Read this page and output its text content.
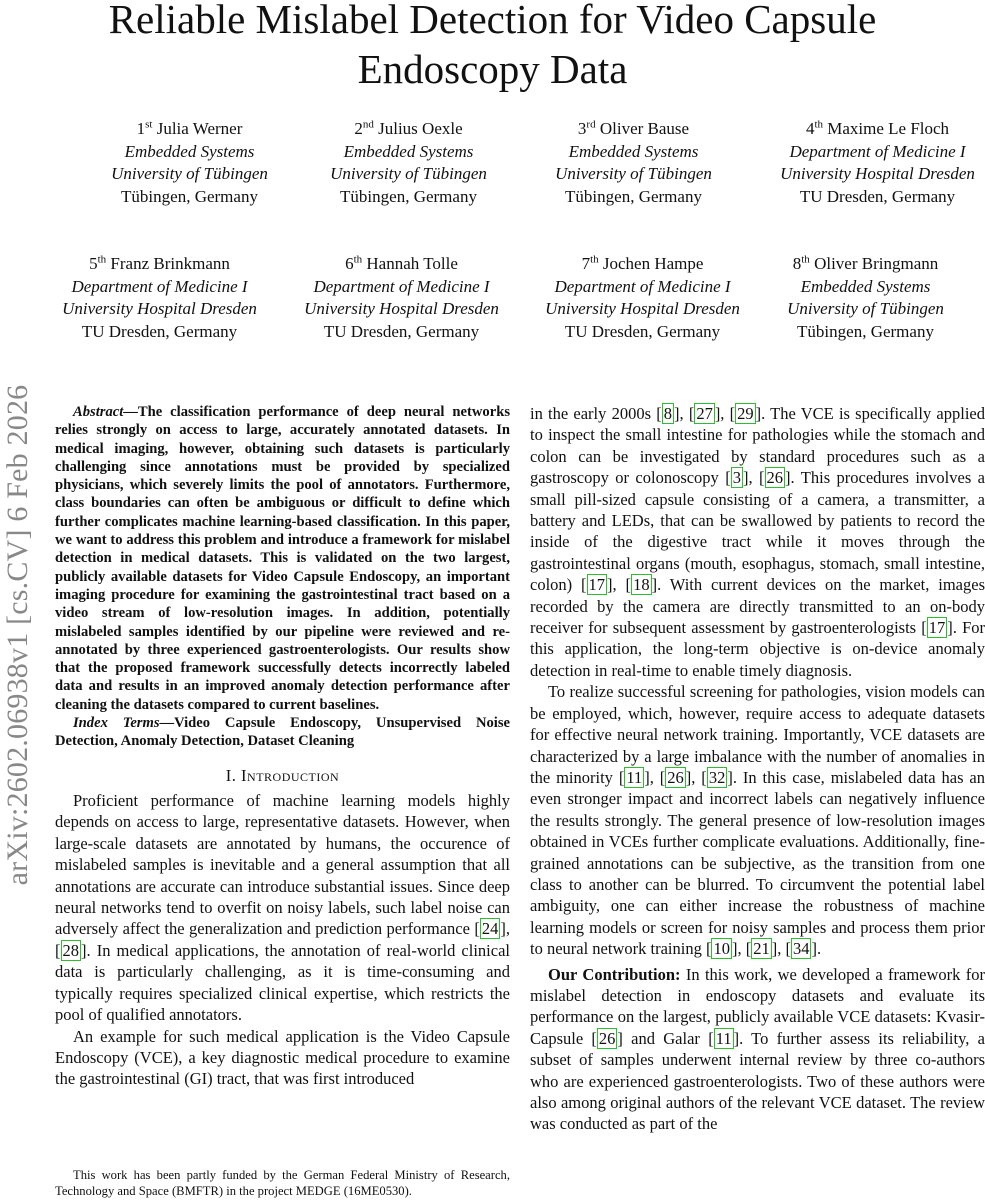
Reliable Mislabel Detection for Video Capsule
Endoscopy Data
arXiv:2602.06938v1 [cs.CV] 6 Feb 2026
1st Julia Werner
Embedded Systems
University of Tübingen
Tübingen, Germany
2nd Julius Oexle
Embedded Systems
University of Tübingen
Tübingen, Germany
3rd Oliver Bause
Embedded Systems
University of Tübingen
Tübingen, Germany
4th Maxime Le Floch
Department of Medicine I
University Hospital Dresden
TU Dresden, Germany
5th Franz Brinkmann
Department of Medicine I
University Hospital Dresden
TU Dresden, Germany
6th Hannah Tolle
Department of Medicine I
University Hospital Dresden
TU Dresden, Germany
7th Jochen Hampe
Department of Medicine I
University Hospital Dresden
TU Dresden, Germany
8th Oliver Bringmann
Embedded Systems
University of Tübingen
Tübingen, Germany

Abstract—The classification performance of deep neural networks relies strongly on access to large, accurately annotated datasets. In medical imaging, however, obtaining such datasets is particularly challenging since annotations must be provided by specialized physicians, which severely limits the pool of annotators. Furthermore, class boundaries can often be ambiguous or difficult to define which further complicates machine learning-based classification. In this paper, we want to address this problem and introduce a framework for mislabel detection in medical datasets. This is validated on the two largest, publicly available datasets for Video Capsule Endoscopy, an important imaging procedure for examining the gastrointestinal tract based on a video stream of low-resolution images. In addition, potentially mislabeled samples identified by our pipeline were reviewed and re-annotated by three experienced gastroenterologists. Our results show that the proposed framework successfully detects incorrectly labeled data and results in an improved anomaly detection performance after cleaning the datasets compared to current baselines.

Index Terms—Video Capsule Endoscopy, Unsupervised Noise Detection, Anomaly Detection, Dataset Cleaning

I. Introduction

Proficient performance of machine learning models highly depends on access to large, representative datasets. However, when large-scale datasets are annotated by humans, the occurence of mislabeled samples is inevitable and a general assumption that all annotations are accurate can introduce substantial issues. Since deep neural networks tend to overfit on noisy labels, such label noise can adversely affect the generalization and prediction performance [ 24 ], [ 28 ]. In medical applications, the annotation of real-world clinical data is particularly challenging, as it is time-consuming and typically requires specialized clinical expertise, which restricts the pool of qualified annotators.

An example for such medical application is the Video Capsule Endoscopy (VCE), a key diagnostic medical procedure to examine the gastrointestinal (GI) tract, that was first introduced

This work has been partly funded by the German Federal Ministry of Research, Technology and Space (BMFTR) in the project MEDGE (16ME0530).

in the early 2000s [ 8 ], [ 27 ], [ 29 ]. The VCE is specifically applied to inspect the small intestine for pathologies while the stomach and colon can be investigated by standard procedures such as a gastroscopy or colonoscopy [ 3 ], [ 26 ]. This procedures involves a small pill-sized capsule consisting of a camera, a transmitter, a battery and LEDs, that can be swallowed by patients to record the inside of the digestive tract while it moves through the gastrointestinal organs (mouth, esophagus, stomach, small intestine, colon) [ 17 ], [ 18 ]. With current devices on the market, images recorded by the camera are directly transmitted to an on-body receiver for subsequent assessment by gastroenterologists [ 17 ]. For this application, the long-term objective is on-device anomaly detection in real-time to enable timely diagnosis.

To realize successful screening for pathologies, vision models can be employed, which, however, require access to adequate datasets for effective neural network training. Importantly, VCE datasets are characterized by a large imbalance with the number of anomalies in the minority [ 11 ], [ 26 ], [ 32 ]. In this case, mislabeled data has an even stronger impact and incorrect labels can negatively influence the results strongly. The general presence of low-resolution images obtained in VCEs further complicate evaluations. Additionally, fine-grained annotations can be subjective, as the transition from one class to another can be blurred. To circumvent the potential label ambiguity, one can either increase the robustness of machine learning models or screen for noisy samples and process them prior to neural network training [ 10 ], [ 21 ], [ 34 ].

Our Contribution: In this work, we developed a framework for mislabel detection in endoscopy datasets and evaluate its performance on the largest, publicly available VCE datasets: Kvasir-Capsule [ 26 ] and Galar [ 11 ]. To further assess its reliability, a subset of samples underwent internal review by three co-authors who are experienced gastroenterologists. Two of these authors were also among original authors of the relevant VCE dataset. The review was conducted as part of the
